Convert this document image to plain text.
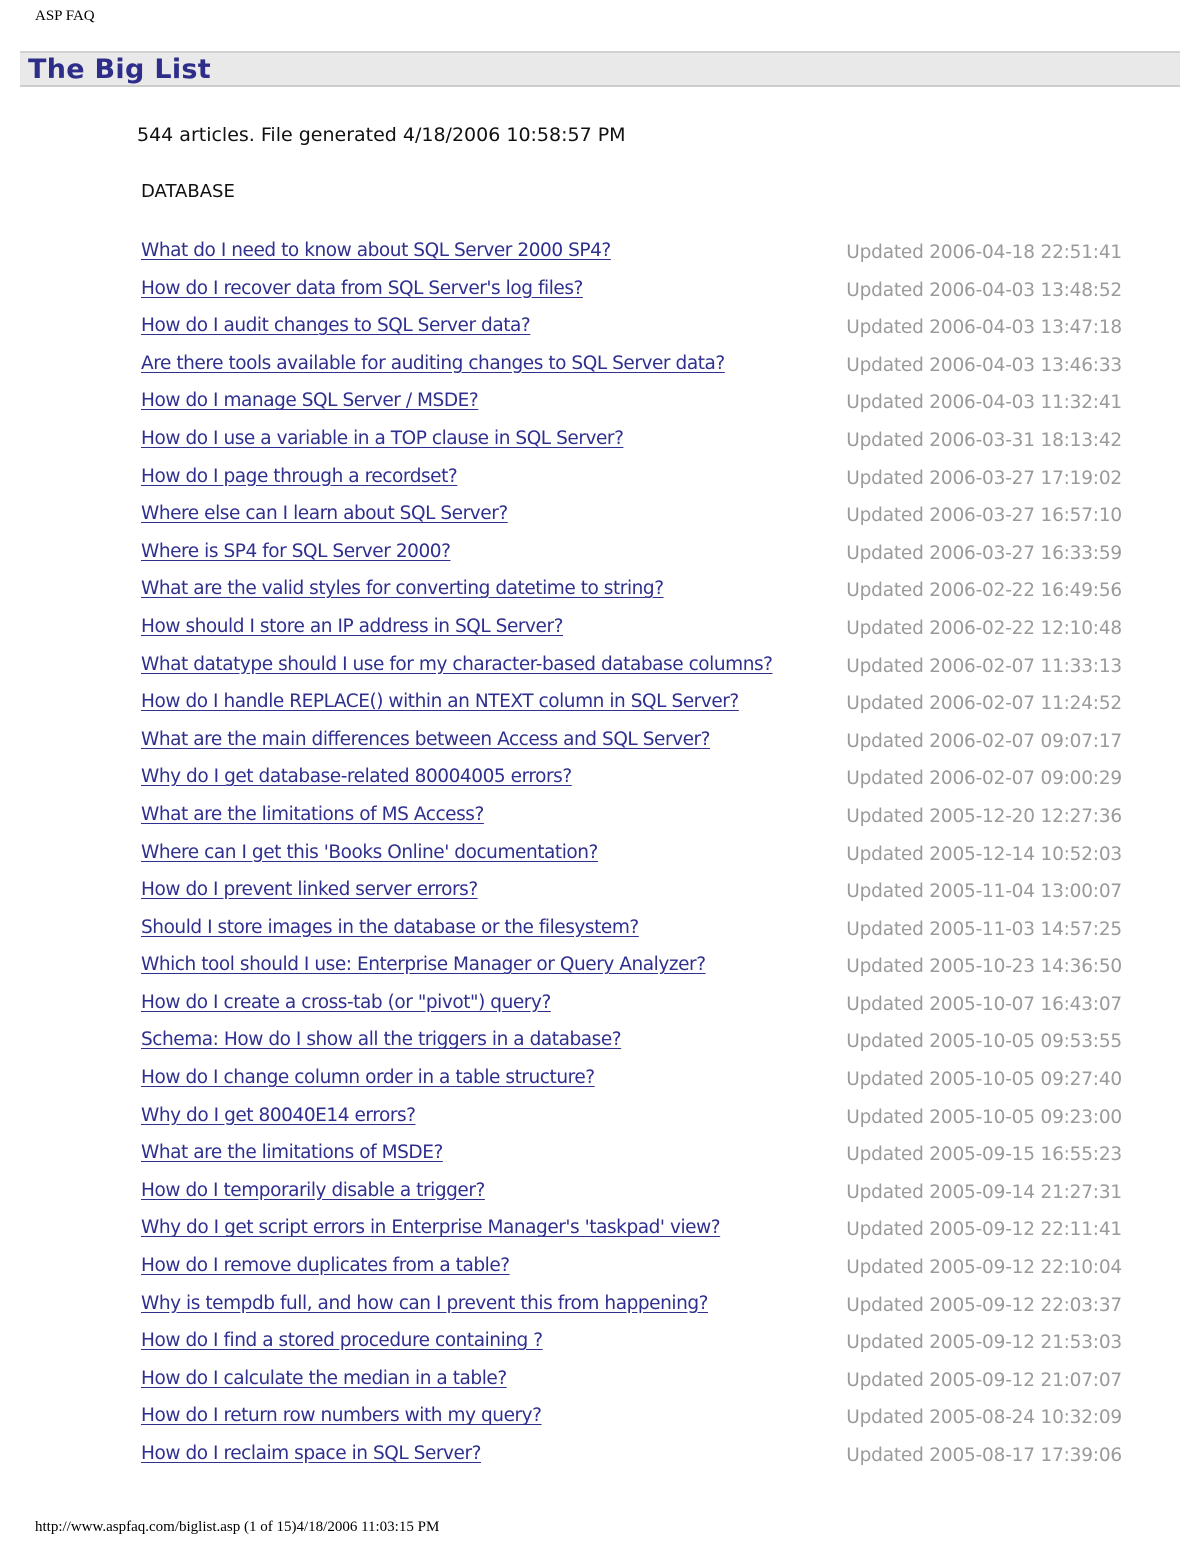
ASP FAQ
The Big List
544 articles. File generated 4/18/2006 10:58:57 PM
DATABASE
What do I need to know about SQL Server 2000 SP4?	Updated 2006-04-18 22:51:41
How do I recover data from SQL Server's log files?	Updated 2006-04-03 13:48:52
How do I audit changes to SQL Server data?	Updated 2006-04-03 13:47:18
Are there tools available for auditing changes to SQL Server data?	Updated 2006-04-03 13:46:33
How do I manage SQL Server / MSDE?	Updated 2006-04-03 11:32:41
How do I use a variable in a TOP clause in SQL Server?	Updated 2006-03-31 18:13:42
How do I page through a recordset?	Updated 2006-03-27 17:19:02
Where else can I learn about SQL Server?	Updated 2006-03-27 16:57:10
Where is SP4 for SQL Server 2000?	Updated 2006-03-27 16:33:59
What are the valid styles for converting datetime to string?	Updated 2006-02-22 16:49:56
How should I store an IP address in SQL Server?	Updated 2006-02-22 12:10:48
What datatype should I use for my character-based database columns?	Updated 2006-02-07 11:33:13
How do I handle REPLACE() within an NTEXT column in SQL Server?	Updated 2006-02-07 11:24:52
What are the main differences between Access and SQL Server?	Updated 2006-02-07 09:07:17
Why do I get database-related 80004005 errors?	Updated 2006-02-07 09:00:29
What are the limitations of MS Access?	Updated 2005-12-20 12:27:36
Where can I get this 'Books Online' documentation?	Updated 2005-12-14 10:52:03
How do I prevent linked server errors?	Updated 2005-11-04 13:00:07
Should I store images in the database or the filesystem?	Updated 2005-11-03 14:57:25
Which tool should I use: Enterprise Manager or Query Analyzer?	Updated 2005-10-23 14:36:50
How do I create a cross-tab (or "pivot") query?	Updated 2005-10-07 16:43:07
Schema: How do I show all the triggers in a database?	Updated 2005-10-05 09:53:55
How do I change column order in a table structure?	Updated 2005-10-05 09:27:40
Why do I get 80040E14 errors?	Updated 2005-10-05 09:23:00
What are the limitations of MSDE?	Updated 2005-09-15 16:55:23
How do I temporarily disable a trigger?	Updated 2005-09-14 21:27:31
Why do I get script errors in Enterprise Manager's 'taskpad' view?	Updated 2005-09-12 22:11:41
How do I remove duplicates from a table?	Updated 2005-09-12 22:10:04
Why is tempdb full, and how can I prevent this from happening?	Updated 2005-09-12 22:03:37
How do I find a stored procedure containing ?	Updated 2005-09-12 21:53:03
How do I calculate the median in a table?	Updated 2005-09-12 21:07:07
How do I return row numbers with my query?	Updated 2005-08-24 10:32:09
How do I reclaim space in SQL Server?	Updated 2005-08-17 17:39:06
http://www.aspfaq.com/biglist.asp (1 of 15)4/18/2006 11:03:15 PM
